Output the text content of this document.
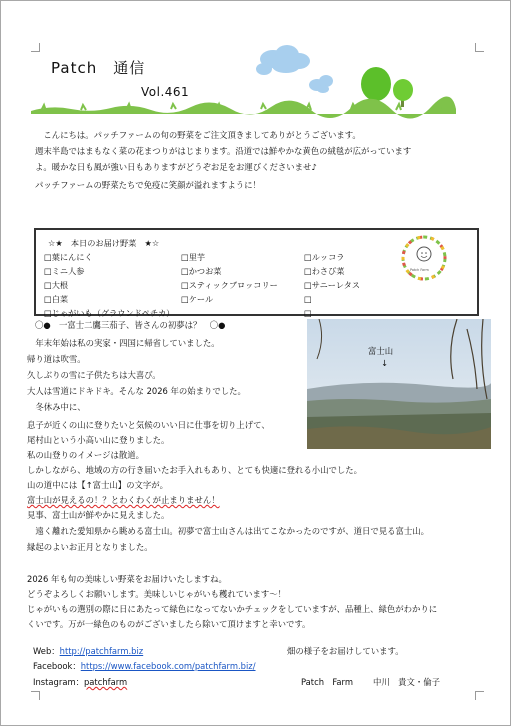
Patch　通信
Vol.461
　こんにちは。パッチファームの旬の野菜をご注文頂きましてありがとうございます。
週末半島ではまもなく菜の花まつりがはじまります。沿道では鮮やかな黄色の絨毯が広がっています
よ。暖かな日も風が強い日もありますがどうぞお足をお運びくださいませ♪
パッチファームの野菜たちで免疫に笑顔が溢れますように！
☆★　本日のお届け野菜　★☆
□葉にんにく
□ミニ人参
□大根
□白菜
□じゃがいも（グラウンドペチカ）
□里芋
□かつお菜
□スティックブロッコリー
□ケール
□ルッコラ
□わさび菜
□サニーレタス
□
□
Patch Farm
〇●　一富士二鷹三茄子、皆さんの初夢は？　〇●
富士山
↓
　年末年始は私の実家・四国に帰省していました。
帰り道は吹雪。
久しぶりの雪に子供たちは大喜び。
大人は雪道にドキドキ。そんな 2026 年の始まりでした。
　冬休み中に、
息子が近くの山に登りたいと気候のいい日に仕事を切り上げて、
尾村山という小高い山に登りました。
私の山登りのイメージは散道。
しかしながら、地域の方の行き届いたお手入れもあり、とても快適に登れる小山でした。
山の道中には【↑富士山】の文字が。
富士山が見えるの！？とわくわくが止まりません！
見事、富士山が鮮やかに見えました。
　遠く離れた愛知県から眺める富士山。初夢で富士山さんは出てこなかったのですが、道日で見る富士山。
縁起のよいお正月となりました。
2026 年も旬の美味しい野菜をお届けいたしますね。
どうぞよろしくお願いします。美味しいじゃがいも穫れています～！
じゃがいもの選別の際に日にあたって緑色になってないかチェックをしていますが、品種上、緑色がわかりに
くいです。万が一緑色のものがございましたら除いて頂けますと幸いです。
Web：http://patchfarm.biz	畑の様子をお届けしています。
Facebook：https://www.facebook.com/patchfarm.biz/
Instagram：patchfarm	Patch　Farm 中川　貴文・倫子
